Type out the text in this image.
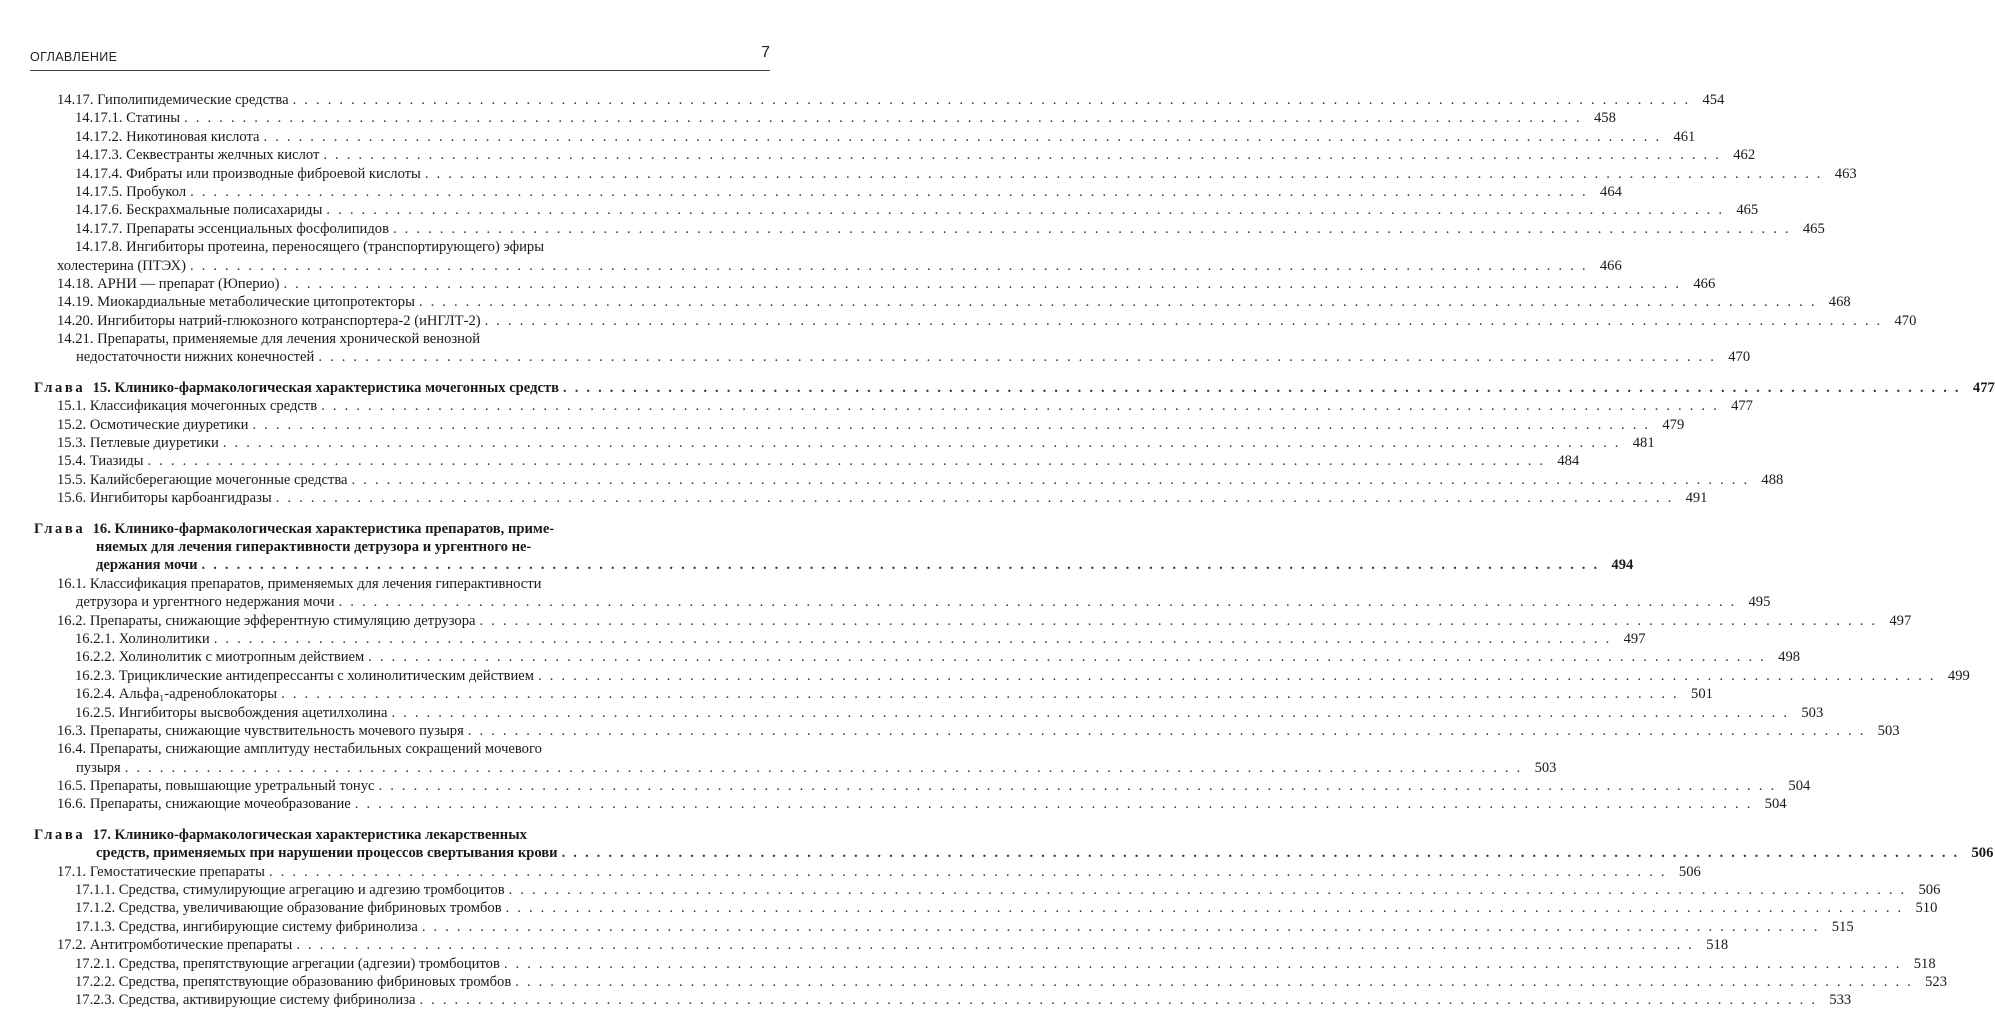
ОГЛАВЛЕНИЕ	7
14.17. Гиполипидемические средства . . . . . . . . . . . . . . . . . . . . . . . . . . . . . . . . . . . . . . . . . . . . . . . . . . . . . . . . . . . . . . . . . . . . . . . . . . . . . . . . . . . . . . . . . . . . . . . . . . . . . . . . . . . . . . . . . . . . . . . . 454
14.17.1. Статины . . . . . . . . . . . . . . . . . . . . . . . . . . . . . . . . . . . . . . . . . . . . . . . . . . . . . . . . . . . . . . . . . . . . . . . . . . . . . . . . . . . . . . . . . . . . . . . . . . . . . . . . . . . . . . . . . . . . . . . . 458
14.17.2. Никотиновая кислота . . . . . . . . . . . . . . . . . . . . . . . . . . . . . . . . . . . . . . . . . . . . . . . . . . . . . . . . . . . . . . . . . . . . . . . . . . . . . . . . . . . . . . . . . . . . . . . . . . . . . . . . . . . . . . . . . . . . . . . . 461
14.17.3. Секвестранты желчных кислот . . . . . . . . . . . . . . . . . . . . . . . . . . . . . . . . . . . . . . . . . . . . . . . . . . . . . . . . . . . . . . . . . . . . . . . . . . . . . . . . . . . . . . . . . . . . . . . . . . . . . . . . . . . . . . . . . . . . . . . . 462
14.17.4. Фибраты или производные фиброевой кислоты . . . . . . . . . . . . . . . . . . . . . . . . . . . . . . . . . . . . . . . . . . . . . . . . . . . . . . . . . . . . . . . . . . . . . . . . . . . . . . . . . . . . . . . . . . . . . . . . . . . . . . . . . . . . . . . . . . . . . . . . 463
14.17.5. Пробукол . . . . . . . . . . . . . . . . . . . . . . . . . . . . . . . . . . . . . . . . . . . . . . . . . . . . . . . . . . . . . . . . . . . . . . . . . . . . . . . . . . . . . . . . . . . . . . . . . . . . . . . . . . . . . . . . . . . . . . . . 464
14.17.6. Бескрахмальные полисахариды . . . . . . . . . . . . . . . . . . . . . . . . . . . . . . . . . . . . . . . . . . . . . . . . . . . . . . . . . . . . . . . . . . . . . . . . . . . . . . . . . . . . . . . . . . . . . . . . . . . . . . . . . . . . . . . . . . . . . . . . 465
14.17.7. Препараты эссенциальных фосфолипидов . . . . . . . . . . . . . . . . . . . . . . . . . . . . . . . . . . . . . . . . . . . . . . . . . . . . . . . . . . . . . . . . . . . . . . . . . . . . . . . . . . . . . . . . . . . . . . . . . . . . . . . . . . . . . . . . . . . . . . . . 465
14.17.8. Ингибиторы протеина, переносящего (транспортирующего) эфиры
холестерина (ПТЭХ) . . . . . . . . . . . . . . . . . . . . . . . . . . . . . . . . . . . . . . . . . . . . . . . . . . . . . . . . . . . . . . . . . . . . . . . . . . . . . . . . . . . . . . . . . . . . . . . . . . . . . . . . . . . . . . . . . . . . . . . . 466
14.18. АРНИ — препарат (Юперио) . . . . . . . . . . . . . . . . . . . . . . . . . . . . . . . . . . . . . . . . . . . . . . . . . . . . . . . . . . . . . . . . . . . . . . . . . . . . . . . . . . . . . . . . . . . . . . . . . . . . . . . . . . . . . . . . . . . . . . . . 466
14.19. Миокардиальные метаболические цитопротекторы . . . . . . . . . . . . . . . . . . . . . . . . . . . . . . . . . . . . . . . . . . . . . . . . . . . . . . . . . . . . . . . . . . . . . . . . . . . . . . . . . . . . . . . . . . . . . . . . . . . . . . . . . . . . . . . . . . . . . . . . 468
14.20. Ингибиторы натрий-глюкозного котранспортера-2 (иНГЛТ-2) . . . . . . . . . . . . . . . . . . . . . . . . . . . . . . . . . . . . . . . . . . . . . . . . . . . . . . . . . . . . . . . . . . . . . . . . . . . . . . . . . . . . . . . . . . . . . . . . . . . . . . . . . . . . . . . . . . . . . . . . 470
14.21. Препараты, применяемые для лечения хронической венозной
недостаточности нижних конечностей . . . . . . . . . . . . . . . . . . . . . . . . . . . . . . . . . . . . . . . . . . . . . . . . . . . . . . . . . . . . . . . . . . . . . . . . . . . . . . . . . . . . . . . . . . . . . . . . . . . . . . . . . . . . . . . . . . . . . . . . 470
Глава
15. Клинико-фармакологическая характеристика мочегонных средств . . . . . . . . . . . . . . . . . . . . . . . . . . . . . . . . . . . . . . . . . . . . . . . . . . . . . . . . . . . . . . . . . . . . . . . . . . . . . . . . . . . . . . . . . . . . . . . . . . . . . . . . . . . . . . . . . . . . . . . . 477
15.1. Классификация мочегонных средств . . . . . . . . . . . . . . . . . . . . . . . . . . . . . . . . . . . . . . . . . . . . . . . . . . . . . . . . . . . . . . . . . . . . . . . . . . . . . . . . . . . . . . . . . . . . . . . . . . . . . . . . . . . . . . . . . . . . . . . . 477
15.2. Осмотические диуретики . . . . . . . . . . . . . . . . . . . . . . . . . . . . . . . . . . . . . . . . . . . . . . . . . . . . . . . . . . . . . . . . . . . . . . . . . . . . . . . . . . . . . . . . . . . . . . . . . . . . . . . . . . . . . . . . . . . . . . . . 479
15.3. Петлевые диуретики . . . . . . . . . . . . . . . . . . . . . . . . . . . . . . . . . . . . . . . . . . . . . . . . . . . . . . . . . . . . . . . . . . . . . . . . . . . . . . . . . . . . . . . . . . . . . . . . . . . . . . . . . . . . . . . . . . . . . . . . 481
15.4. Тиазиды . . . . . . . . . . . . . . . . . . . . . . . . . . . . . . . . . . . . . . . . . . . . . . . . . . . . . . . . . . . . . . . . . . . . . . . . . . . . . . . . . . . . . . . . . . . . . . . . . . . . . . . . . . . . . . . . . . . . . . . . 484
15.5. Калийсберегающие мочегонные средства . . . . . . . . . . . . . . . . . . . . . . . . . . . . . . . . . . . . . . . . . . . . . . . . . . . . . . . . . . . . . . . . . . . . . . . . . . . . . . . . . . . . . . . . . . . . . . . . . . . . . . . . . . . . . . . . . . . . . . . . 488
15.6. Ингибиторы карбоангидразы . . . . . . . . . . . . . . . . . . . . . . . . . . . . . . . . . . . . . . . . . . . . . . . . . . . . . . . . . . . . . . . . . . . . . . . . . . . . . . . . . . . . . . . . . . . . . . . . . . . . . . . . . . . . . . . . . . . . . . . . 491
Глава
16. Клинико-фармакологическая характеристика препаратов, приме-
няемых для лечения гиперактивности детрузора и ургентного не-
держания мочи . . . . . . . . . . . . . . . . . . . . . . . . . . . . . . . . . . . . . . . . . . . . . . . . . . . . . . . . . . . . . . . . . . . . . . . . . . . . . . . . . . . . . . . . . . . . . . . . . . . . . . . . . . . . . . . . . . . . . . . . 494
16.1. Классификация препаратов, применяемых для лечения гиперактивности
детрузора и ургентного недержания мочи . . . . . . . . . . . . . . . . . . . . . . . . . . . . . . . . . . . . . . . . . . . . . . . . . . . . . . . . . . . . . . . . . . . . . . . . . . . . . . . . . . . . . . . . . . . . . . . . . . . . . . . . . . . . . . . . . . . . . . . . 495
16.2. Препараты, снижающие эфферентную стимуляцию детрузора . . . . . . . . . . . . . . . . . . . . . . . . . . . . . . . . . . . . . . . . . . . . . . . . . . . . . . . . . . . . . . . . . . . . . . . . . . . . . . . . . . . . . . . . . . . . . . . . . . . . . . . . . . . . . . . . . . . . . . . . 497
16.2.1. Холинолитики . . . . . . . . . . . . . . . . . . . . . . . . . . . . . . . . . . . . . . . . . . . . . . . . . . . . . . . . . . . . . . . . . . . . . . . . . . . . . . . . . . . . . . . . . . . . . . . . . . . . . . . . . . . . . . . . . . . . . . . . 497
16.2.2. Холинолитик с миотропным действием . . . . . . . . . . . . . . . . . . . . . . . . . . . . . . . . . . . . . . . . . . . . . . . . . . . . . . . . . . . . . . . . . . . . . . . . . . . . . . . . . . . . . . . . . . . . . . . . . . . . . . . . . . . . . . . . . . . . . . . . 498
16.2.3. Трициклические антидепрессанты с холинолитическим действием . . . . . . . . . . . . . . . . . . . . . . . . . . . . . . . . . . . . . . . . . . . . . . . . . . . . . . . . . . . . . . . . . . . . . . . . . . . . . . . . . . . . . . . . . . . . . . . . . . . . . . . . . . . . . . . . . . . . . . . . 499
16.2.4. Альфа₁-адреноблокаторы . . . . . . . . . . . . . . . . . . . . . . . . . . . . . . . . . . . . . . . . . . . . . . . . . . . . . . . . . . . . . . . . . . . . . . . . . . . . . . . . . . . . . . . . . . . . . . . . . . . . . . . . . . . . . . . . . . . . . . . . 501
16.2.5. Ингибиторы высвобождения ацетилхолина . . . . . . . . . . . . . . . . . . . . . . . . . . . . . . . . . . . . . . . . . . . . . . . . . . . . . . . . . . . . . . . . . . . . . . . . . . . . . . . . . . . . . . . . . . . . . . . . . . . . . . . . . . . . . . . . . . . . . . . . 503
16.3. Препараты, снижающие чувствительность мочевого пузыря . . . . . . . . . . . . . . . . . . . . . . . . . . . . . . . . . . . . . . . . . . . . . . . . . . . . . . . . . . . . . . . . . . . . . . . . . . . . . . . . . . . . . . . . . . . . . . . . . . . . . . . . . . . . . . . . . . . . . . . . 503
16.4. Препараты, снижающие амплитуду нестабильных сокращений мочевого
пузыря . . . . . . . . . . . . . . . . . . . . . . . . . . . . . . . . . . . . . . . . . . . . . . . . . . . . . . . . . . . . . . . . . . . . . . . . . . . . . . . . . . . . . . . . . . . . . . . . . . . . . . . . . . . . . . . . . . . . . . . . 503
16.5. Препараты, повышающие уретральный тонус . . . . . . . . . . . . . . . . . . . . . . . . . . . . . . . . . . . . . . . . . . . . . . . . . . . . . . . . . . . . . . . . . . . . . . . . . . . . . . . . . . . . . . . . . . . . . . . . . . . . . . . . . . . . . . . . . . . . . . . . 504
16.6. Препараты, снижающие мочеобразование . . . . . . . . . . . . . . . . . . . . . . . . . . . . . . . . . . . . . . . . . . . . . . . . . . . . . . . . . . . . . . . . . . . . . . . . . . . . . . . . . . . . . . . . . . . . . . . . . . . . . . . . . . . . . . . . . . . . . . . . 504
Глава
17. Клинико-фармакологическая характеристика лекарственных
средств, применяемых при нарушении процессов свертывания крови . . . . . . . . . . . . . . . . . . . . . . . . . . . . . . . . . . . . . . . . . . . . . . . . . . . . . . . . . . . . . . . . . . . . . . . . . . . . . . . . . . . . . . . . . . . . . . . . . . . . . . . . . . . . . . . . . . . . . . . . 506
17.1. Гемостатические препараты . . . . . . . . . . . . . . . . . . . . . . . . . . . . . . . . . . . . . . . . . . . . . . . . . . . . . . . . . . . . . . . . . . . . . . . . . . . . . . . . . . . . . . . . . . . . . . . . . . . . . . . . . . . . . . . . . . . . . . . . 506
17.1.1. Средства, стимулирующие агрегацию и адгезию тромбоцитов . . . . . . . . . . . . . . . . . . . . . . . . . . . . . . . . . . . . . . . . . . . . . . . . . . . . . . . . . . . . . . . . . . . . . . . . . . . . . . . . . . . . . . . . . . . . . . . . . . . . . . . . . . . . . . . . . . . . . . . . 506
17.1.2. Средства, увеличивающие образование фибриновых тромбов . . . . . . . . . . . . . . . . . . . . . . . . . . . . . . . . . . . . . . . . . . . . . . . . . . . . . . . . . . . . . . . . . . . . . . . . . . . . . . . . . . . . . . . . . . . . . . . . . . . . . . . . . . . . . . . . . . . . . . . . 510
17.1.3. Средства, ингибирующие систему фибринолиза . . . . . . . . . . . . . . . . . . . . . . . . . . . . . . . . . . . . . . . . . . . . . . . . . . . . . . . . . . . . . . . . . . . . . . . . . . . . . . . . . . . . . . . . . . . . . . . . . . . . . . . . . . . . . . . . . . . . . . . . 515
17.2. Антитромботические препараты . . . . . . . . . . . . . . . . . . . . . . . . . . . . . . . . . . . . . . . . . . . . . . . . . . . . . . . . . . . . . . . . . . . . . . . . . . . . . . . . . . . . . . . . . . . . . . . . . . . . . . . . . . . . . . . . . . . . . . . . 518
17.2.1. Средства, препятствующие агрегации (адгезии) тромбоцитов . . . . . . . . . . . . . . . . . . . . . . . . . . . . . . . . . . . . . . . . . . . . . . . . . . . . . . . . . . . . . . . . . . . . . . . . . . . . . . . . . . . . . . . . . . . . . . . . . . . . . . . . . . . . . . . . . . . . . . . . 518
17.2.2. Средства, препятствующие образованию фибриновых тромбов . . . . . . . . . . . . . . . . . . . . . . . . . . . . . . . . . . . . . . . . . . . . . . . . . . . . . . . . . . . . . . . . . . . . . . . . . . . . . . . . . . . . . . . . . . . . . . . . . . . . . . . . . . . . . . . . . . . . . . . . 523
17.2.3. Средства, активирующие систему фибринолиза . . . . . . . . . . . . . . . . . . . . . . . . . . . . . . . . . . . . . . . . . . . . . . . . . . . . . . . . . . . . . . . . . . . . . . . . . . . . . . . . . . . . . . . . . . . . . . . . . . . . . . . . . . . . . . . . . . . . . . . . 533
